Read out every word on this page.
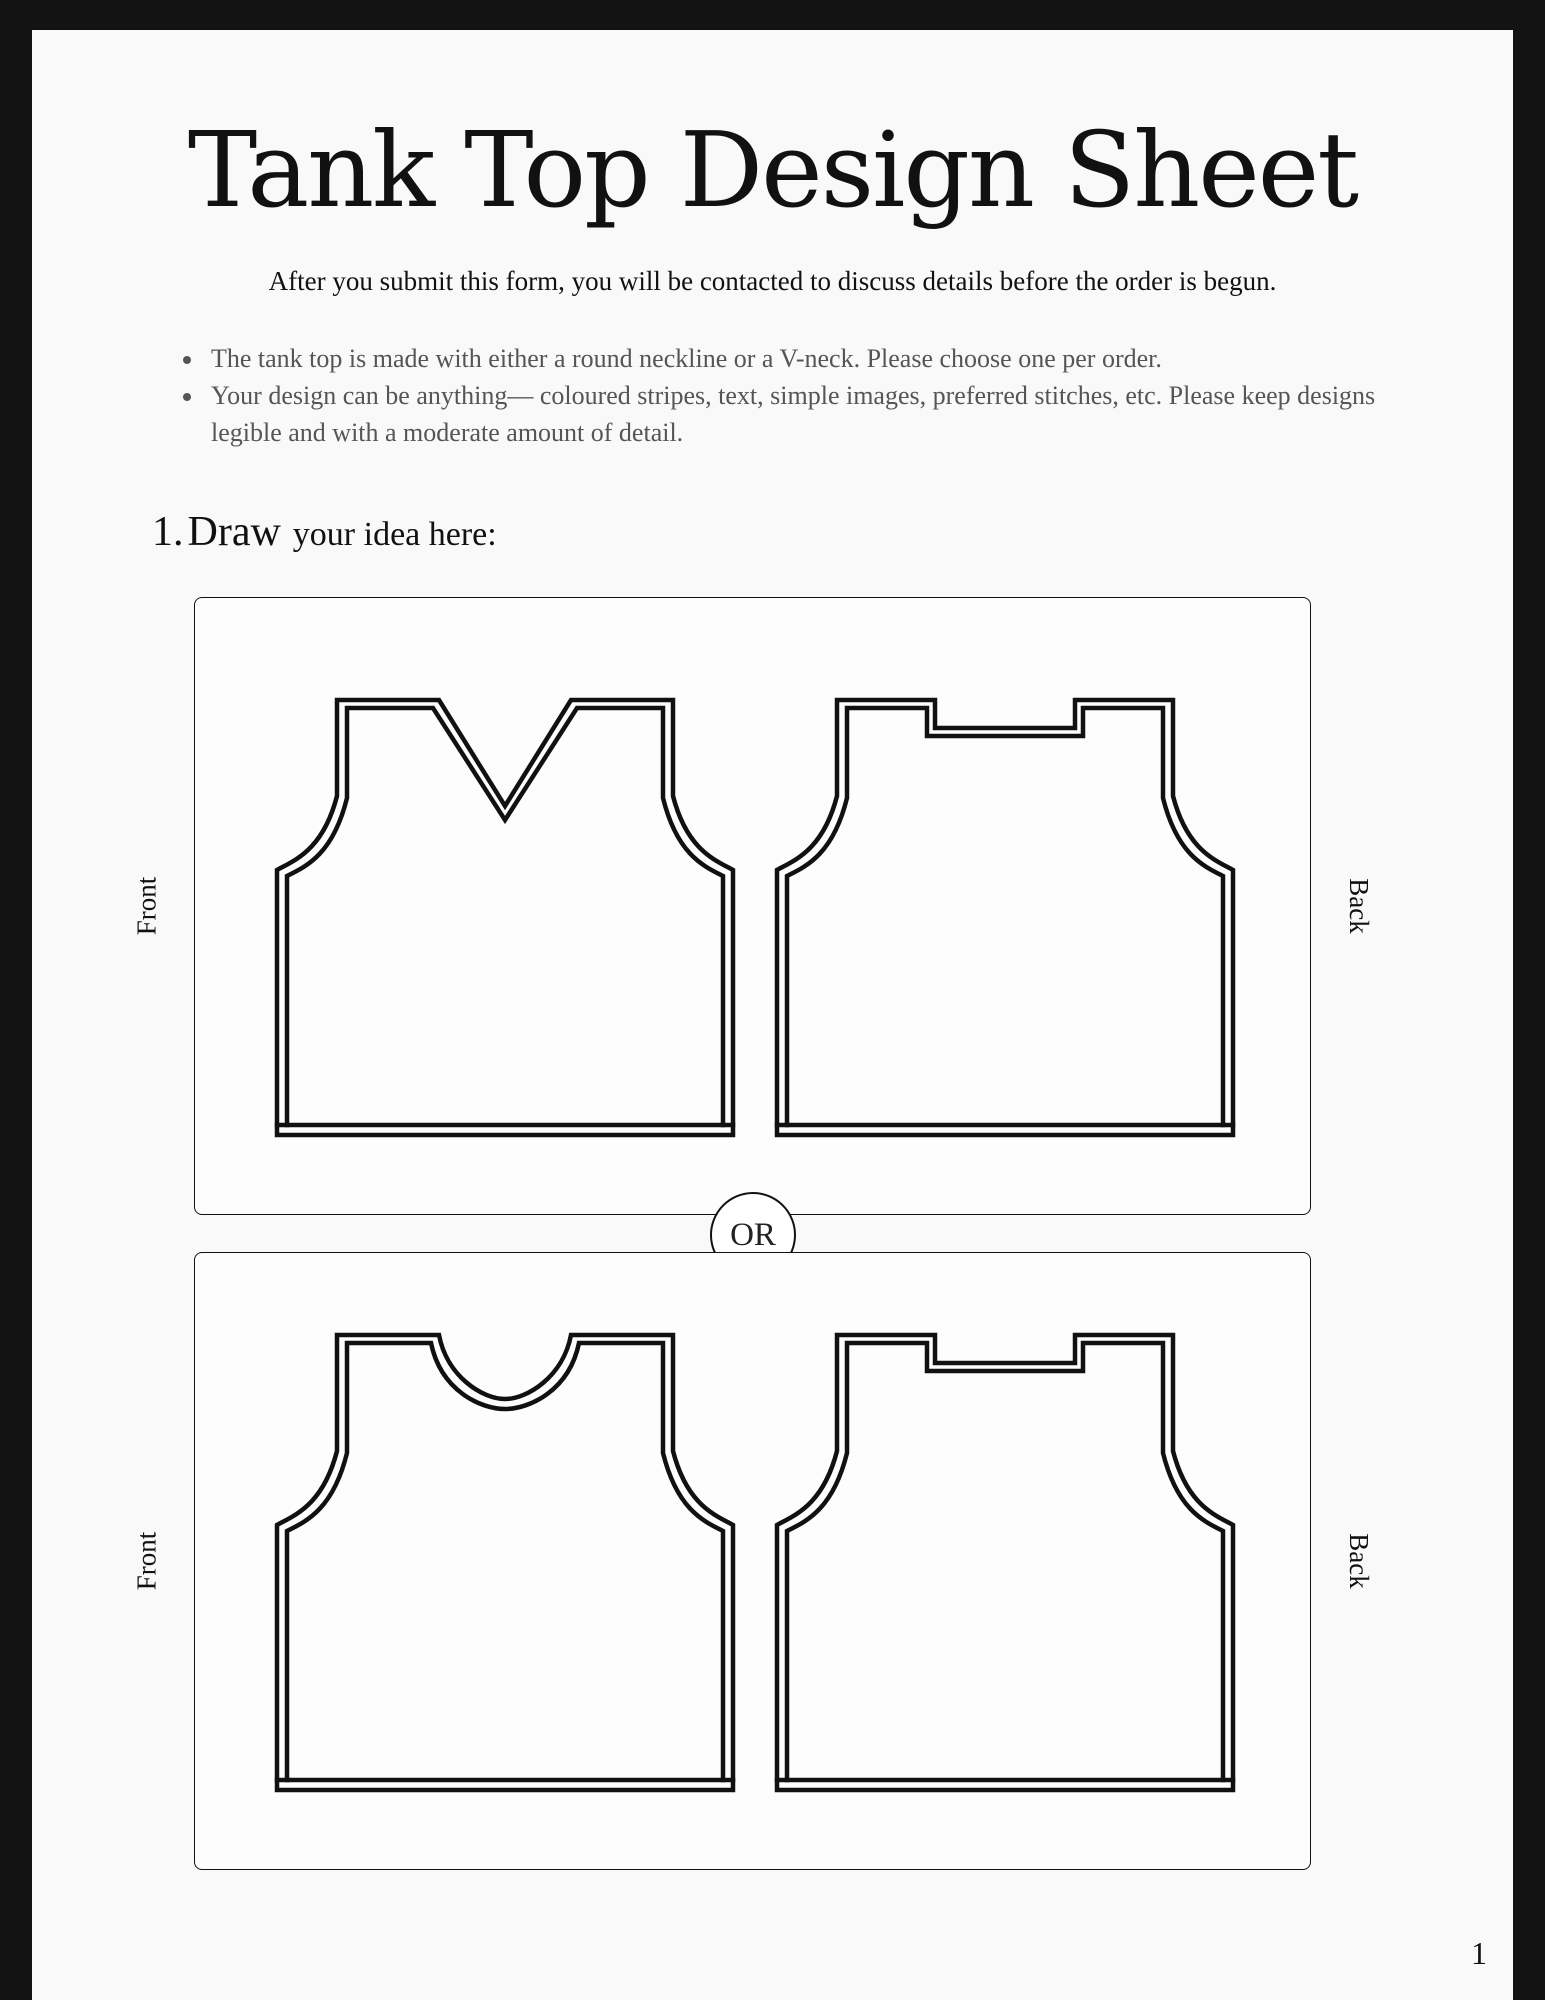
Tank Top Design Sheet
After you submit this form, you will be contacted to discuss details before the order is begun.
• The tank top is made with either a round neckline or a V-neck. Please choose one per order.
• Your design can be anything— coloured stripes, text, simple images, preferred stitches, etc. Please keep designs legible and with a moderate amount of detail.
1. Draw your idea here:
Front	Back
OR
Front	Back
1
